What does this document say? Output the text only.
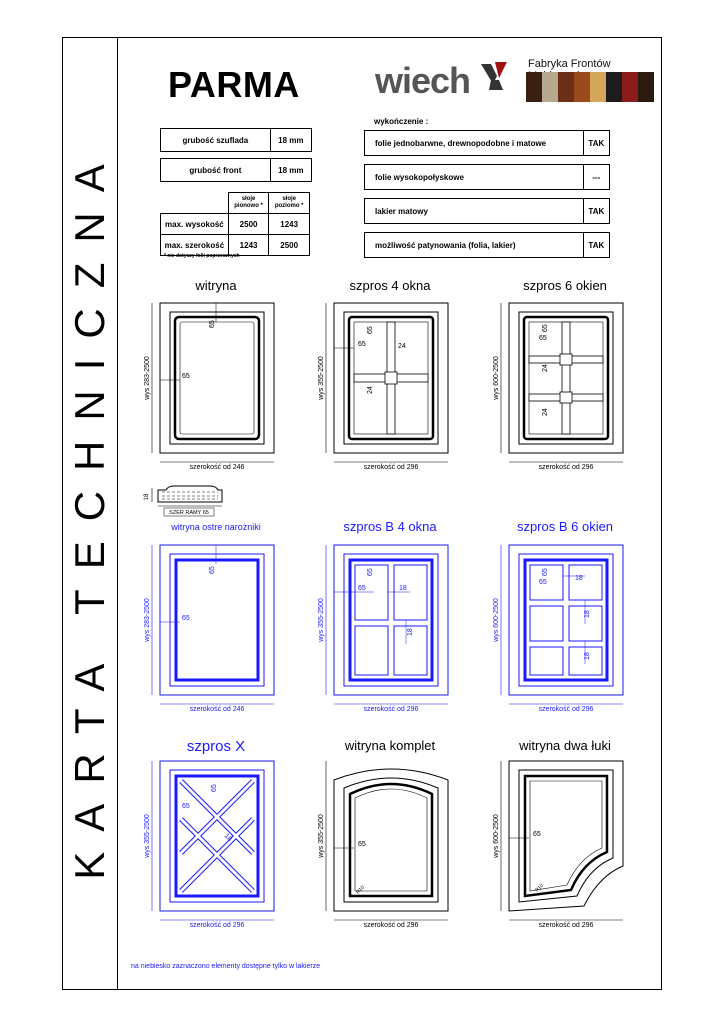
KARTA TECHNICZNA
PARMA wiech	Fabryka Frontów
grubość szuflada	18 mm

grubość front	18 mm
	słoje pionowo *	słoje poziomo *
max. wysokość	2500	1243
max. szerokość	1243	2500
* nie dotyczy folii poprzecznych
wykończenie :
folie jednobarwne, drewnopodobne i matowe	TAK

folie wysokopołyskowe	---

lakier matowy	TAK

możliwość patynowania (folia, lakier)	TAK
18
SZER RAMY 65
witryna	szpros 4 okna	szpros 6 okien
witryna ostre narożniki	szpros B 4 okna	szpros B 6 okien
szpros X	witryna komplet	witryna dwa łuki
wys 283-2500
szerokość od 246
65
65	wys 355-2500
szerokość od 296
65
65	24
24	wys 600-2500
szerokość od 296
65
65
24
24
wys 283-2500
szerokość od 246
65
65	wys 355-2500
szerokość od 296
65
65	18
18	wys 600-2500
szerokość od 296
65
65
18
18
18
wys 355-2500
szerokość od 296
65
65
18	wys 355-2500
szerokość od 296
65
R10
wys 600-2500
szerokość od 296
65
R10
na niebiesko zaznaczono elementy dostępne tylko w lakierze
